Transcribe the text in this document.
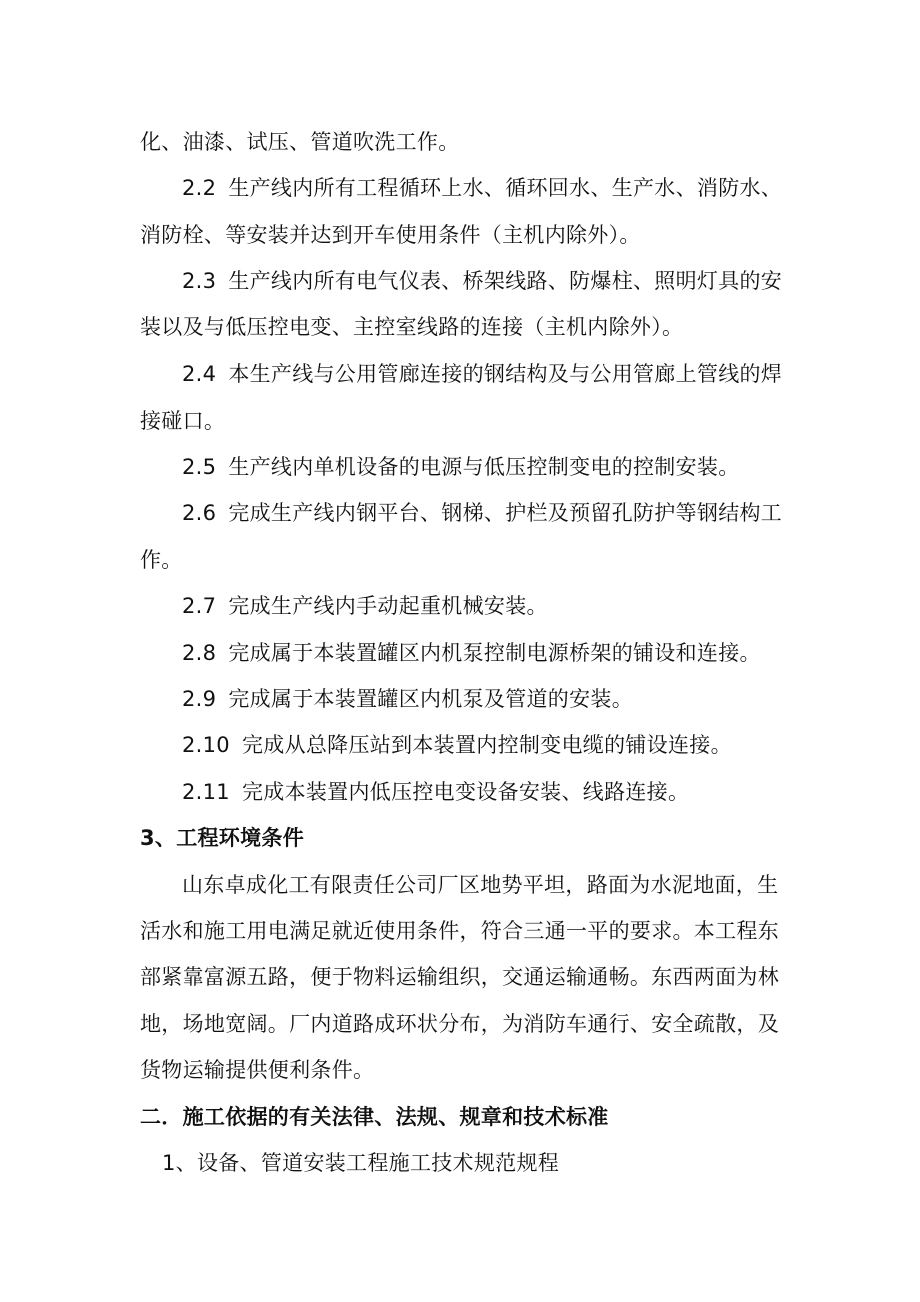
化、油漆、试压、管道吹洗工作。
2.2 生产线内所有工程循环上水、循环回水、生产水、消防水、
消防栓、等安装并达到开车使用条件（主机内除外）。
2.3 生产线内所有电气仪表、桥架线路、防爆柱、照明灯具的安
装以及与低压控电变、主控室线路的连接（主机内除外）。
2.4 本生产线与公用管廊连接的钢结构及与公用管廊上管线的焊
接碰口。
2.5 生产线内单机设备的电源与低压控制变电的控制安装。
2.6 完成生产线内钢平台、钢梯、护栏及预留孔防护等钢结构工
作。
2.7 完成生产线内手动起重机械安装。
2.8 完成属于本装置罐区内机泵控制电源桥架的铺设和连接。
2.9 完成属于本装置罐区内机泵及管道的安装。
2.10 完成从总降压站到本装置内控制变电缆的铺设连接。
2.11 完成本装置内低压控电变设备安装、线路连接。
3、工程环境条件
山东卓成化工有限责任公司厂区地势平坦，路面为水泥地面，生
活水和施工用电满足就近使用条件，符合三通一平的要求。本工程东
部紧靠富源五路，便于物料运输组织，交通运输通畅。东西两面为林
地，场地宽阔。厂内道路成环状分布，为消防车通行、安全疏散，及
货物运输提供便利条件。
二．施工依据的有关法律、法规、规章和技术标准
1、设备、管道安装工程施工技术规范规程
